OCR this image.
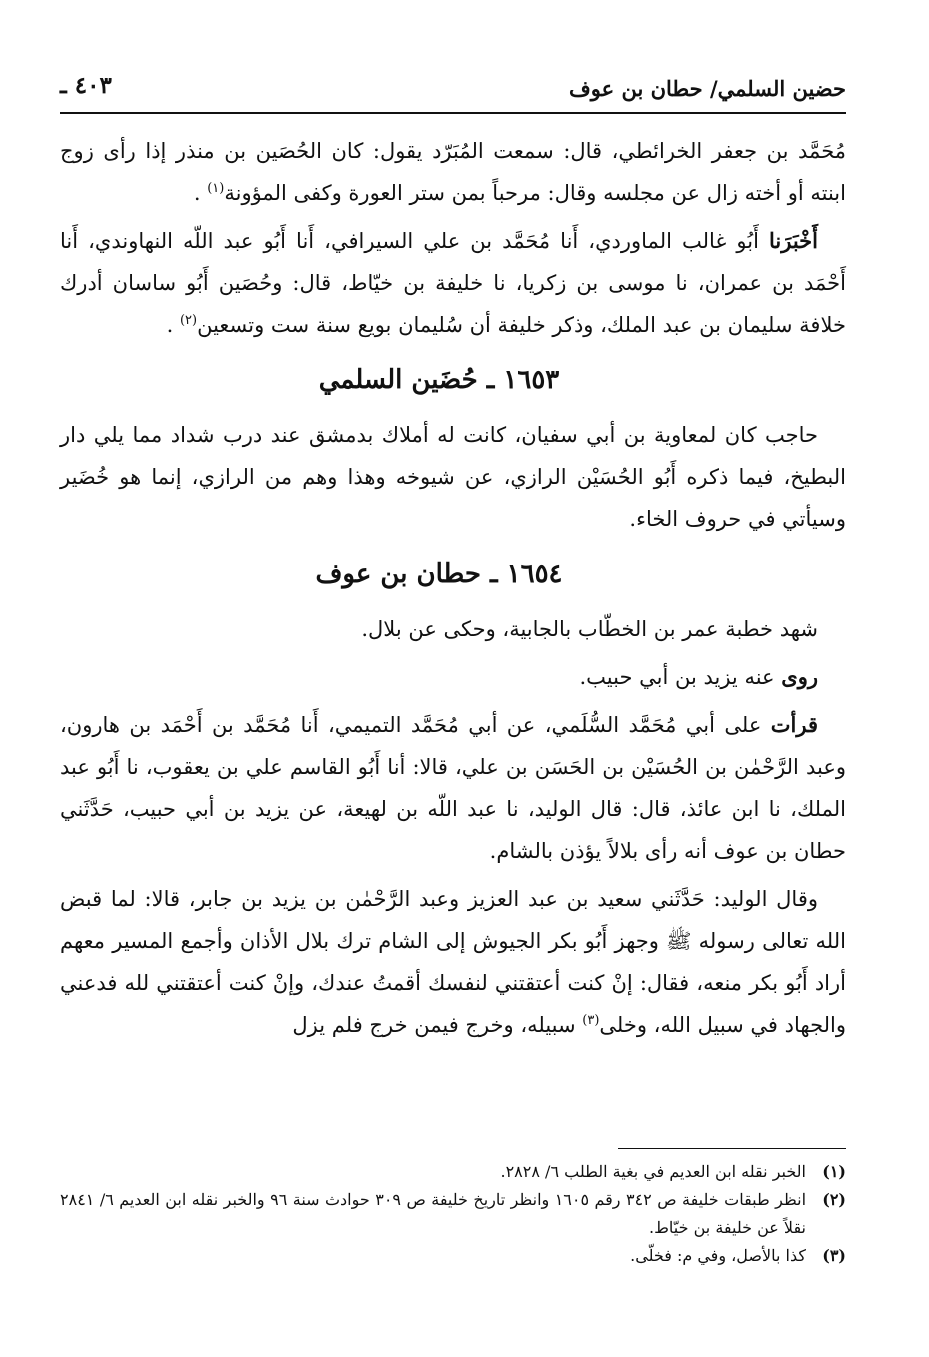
حضين السلمي/ حطان بن عوف
٤٠٣ ـ

مُحَمَّد بن جعفر الخرائطي، قال: سمعت المُبَرّد يقول: كان الحُصَين بن منذر إذا رأى زوج ابنته أو أخته زال عن مجلسه وقال: مرحباً بمن ستر العورة وكفى المؤونة$^{(١)}$ .

أَخْبَرَنا أَبُو غالب الماوردي، أَنا مُحَمَّد بن علي السيرافي، أَنا أَبُو عبد اللّه النهاوندي، أَنا أَحْمَد بن عمران، نا موسى بن زكريا، نا خليفة بن خيّاط، قال: وحُصَين أَبُو ساسان أدرك خلافة سليمان بن عبد الملك، وذكر خليفة أن سُليمان بويع سنة ست وتسعين$^{(٢)}$ .

١٦٥٣ ـ حُضَين السلمي

حاجب كان لمعاوية بن أبي سفيان، كانت له أملاك بدمشق عند درب شداد مما يلي دار البطيخ، فيما ذكره أَبُو الحُسَيْن الرازي، عن شيوخه وهذا وهم من الرازي، إنما هو خُضَير وسيأتي في حروف الخاء.

١٦٥٤ ـ حطان بن عوف

شهد خطبة عمر بن الخطّاب بالجابية، وحكى عن بلال.

روى عنه يزيد بن أبي حبيب.

قرأت على أبي مُحَمَّد السُّلَمي، عن أبي مُحَمَّد التميمي، أَنا مُحَمَّد بن أَحْمَد بن هارون، وعبد الرَّحْمٰن بن الحُسَيْن بن الحَسَن بن علي، قالا: أنا أَبُو القاسم علي بن يعقوب، نا أَبُو عبد الملك، نا ابن عائذ، قال: قال الوليد، نا عبد اللّه بن لهيعة، عن يزيد بن أبي حبيب، حَدَّثَني حطان بن عوف أنه رأى بلالاً يؤذن بالشام.

وقال الوليد: حَدَّثَني سعيد بن عبد العزيز وعبد الرَّحْمٰن بن يزيد بن جابر، قالا: لما قبض الله تعالى رسوله ﷺ وجهز أَبُو بكر الجيوش إلى الشام ترك بلال الأذان وأجمع المسير معهم أراد أَبُو بكر منعه، فقال: إنْ كنت أعتقتني لنفسك أقمتُ عندك، وإنْ كنت أعتقتني لله فدعني والجهاد في سبيل الله، وخلى$^{(٣)}$ سبيله، وخرج فيمن خرج فلم يزل

(١)
الخبر نقله ابن العديم في بغية الطلب ٦/ ٢٨٢٨.
(٢)
انظر طبقات خليفة ص ٣٤٢ رقم ١٦٠٥ وانظر تاريخ خليفة ص ٣٠٩ حوادث سنة ٩٦ والخبر نقله ابن العديم ٦/ ٢٨٤١ نقلاً عن خليفة بن خيّاط.
(٣)
كذا بالأصل، وفي م: فخلّى.
